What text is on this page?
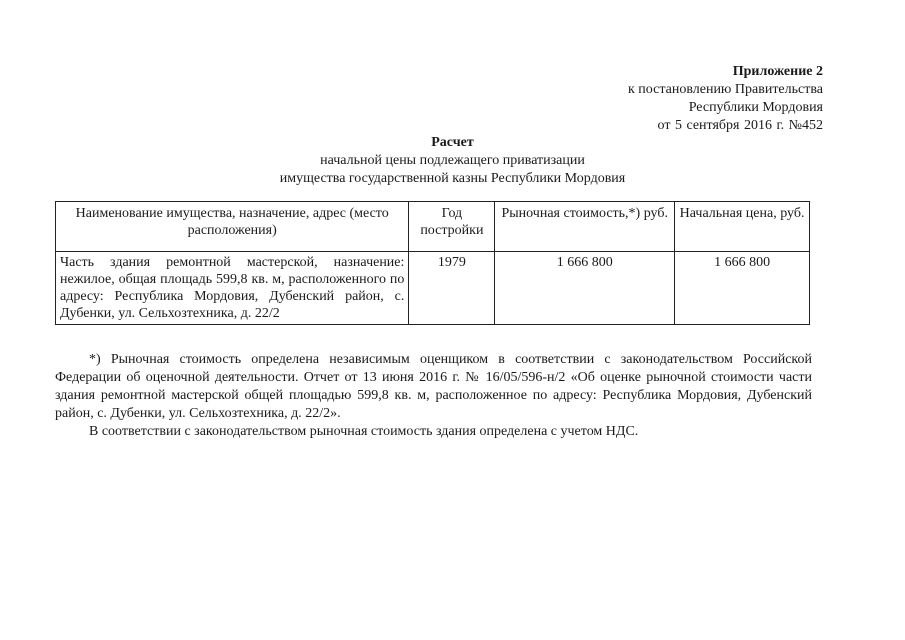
Приложение 2
к постановлению Правительства
Республики Мордовия
от 5 сентября 2016 г. №452
Расчет
начальной цены подлежащего приватизации
имущества государственной казны Республики Мордовия
Наименование имущества, назначение, адрес (место расположения)	Год постройки	Рыночная стоимость,*) руб.	Начальная цена, руб.
Часть здания ремонтной мастерской, назначение: нежилое, общая площадь 599,8 кв. м, расположенного по адресу: Республика Мордовия, Дубенский район, с. Дубенки, ул. Сельхозтехника, д. 22/2	1979	1 666 800	1 666 800

*) Рыночная стоимость определена независимым оценщиком в соответствии с законодательством Российской Федерации об оценочной деятельности. Отчет от 13 июня 2016 г. № 16/05/596-н/2 «Об оценке рыночной стоимости части здания ремонтной мастерской общей площадью 599,8 кв. м, расположенное по адресу: Республика Мордовия, Дубенский район, с. Дубенки, ул. Сельхозтехника, д. 22/2».

В соответствии с законодательством рыночная стоимость здания определена с учетом НДС.
